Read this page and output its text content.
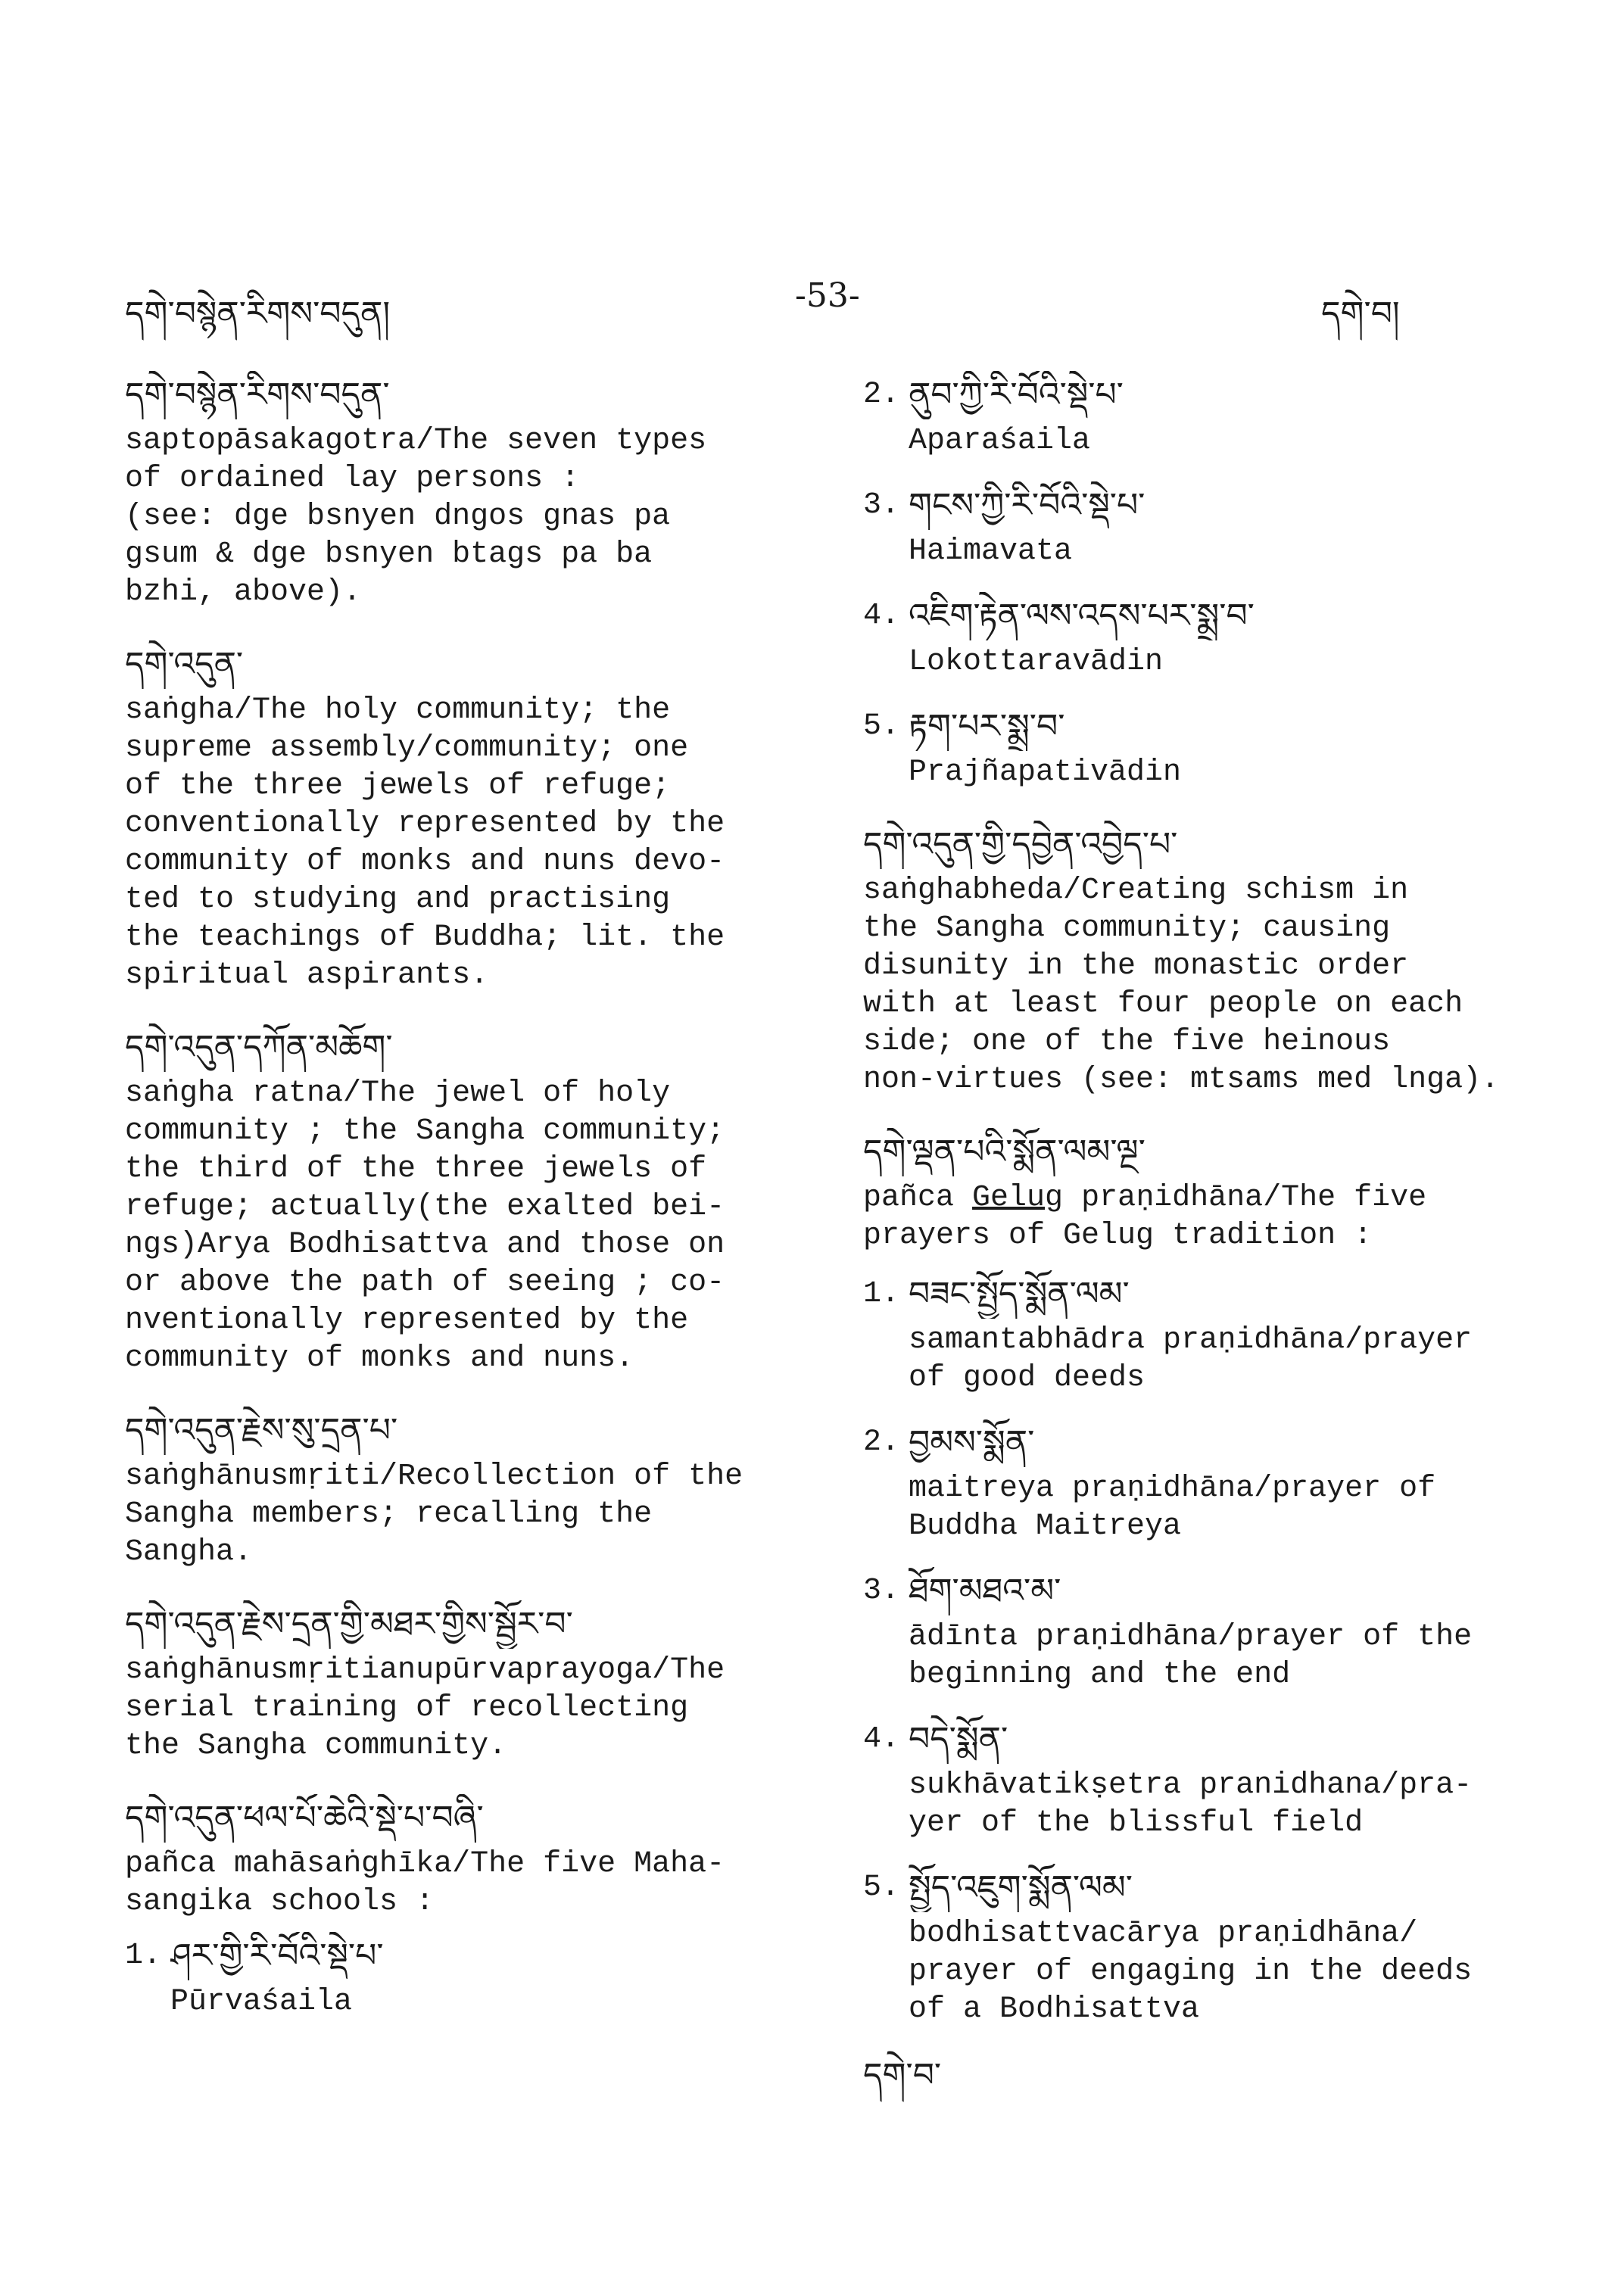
དགེ་བསྙེན་རིགས་བདུན།	-53-	དགེ་བ།
དགེ་བསྙེན་རིགས་བདུན་
saptopāsakagotra/The seven types
of ordained lay persons :
(see: dge bsnyen dngos gnas pa
gsum & dge bsnyen btags pa ba
bzhi, above).
དགེ་འདུན་
saṅgha/The holy community; the
supreme assembly/community; one
of the three jewels of refuge;
conventionally represented by the
community of monks and nuns devo-
ted to studying and practising
the teachings of Buddha; lit. the
spiritual aspirants.
དགེ་འདུན་དཀོན་མཆོག་
saṅgha ratna/The jewel of holy
community ; the Sangha community;
the third of the three jewels of
refuge; actually(the exalted bei-
ngs)Arya Bodhisattva and those on
or above the path of seeing ; co-
nventionally represented by the
community of monks and nuns.
དགེ་འདུན་རྗེས་སུ་དྲན་པ་
saṅghānusmṛiti/Recollection of the
Sangha members; recalling the
Sangha.
དགེ་འདུན་རྗེས་དྲན་གྱི་མཐར་གྱིས་སྦྱོར་བ་
saṅghānusmṛitianupūrvaprayoga/The
serial training of recollecting
the Sangha community.
དགེ་འདུན་ཕལ་པོ་ཆེའི་སྡེ་པ་བཞི་
pañca mahāsaṅghīka/The five Maha-
sangika schools :
1. ཤར་གྱི་རི་བོའི་སྡེ་པ་
Pūrvaśaila
2. ནུབ་ཀྱི་རི་བོའི་སྡེ་པ་
Aparaśaila
3. གངས་ཀྱི་རི་བོའི་སྡེ་པ་
Haimavata
4. འཇིག་རྟེན་ལས་འདས་པར་སྨྲ་བ་
Lokottaravādin
5. རྟག་པར་སྨྲ་བ་
Prajñapativādin
དགེ་འདུན་གྱི་དབྱེན་འབྱེད་པ་
saṅghabheda/Creating schism in
the Sangha community; causing
disunity in the monastic order
with at least four people on each
side; one of the five heinous
non-virtues (see: mtsams med lnga).
དགེ་ལྡན་པའི་སྨོན་ལམ་ལྔ་
pañca Gelug praṇidhāna/The five
prayers of Gelug tradition :
1. བཟང་སྤྱོད་སྨོན་ལམ་
samantabhādra praṇidhāna/prayer
of good deeds
2. བྱམས་སྨོན་
maitreya praṇidhāna/prayer of
Buddha Maitreya
3. ཐོག་མཐའ་མ་
ādīnta praṇidhāna/prayer of the
beginning and the end
4. བདེ་སྨོན་
sukhāvatikṣetra pranidhana/pra-
yer of the blissful field
5. སྤྱོད་འཇུག་སྨོན་ལམ་
bodhisattvacārya praṇidhāna/
prayer of engaging in the deeds
of a Bodhisattva
དགེ་བ་
